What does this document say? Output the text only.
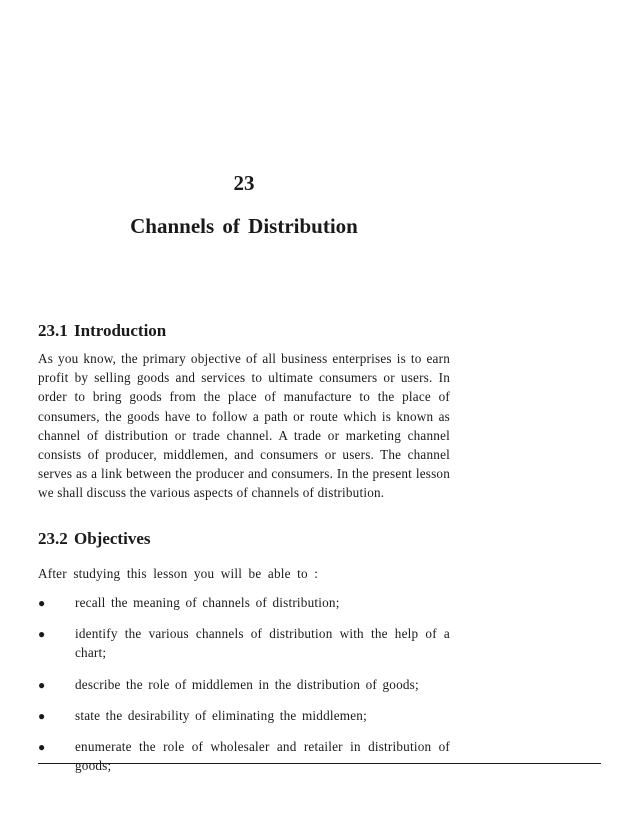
23
Channels of Distribution
23.1 Introduction

As you know, the primary objective of all business enterprises is to earn profit by selling goods and services to ultimate consumers or users. In order to bring goods from the place of manufacture to the place of consumers, the goods have to follow a path or route which is known as channel of distribution or trade channel. A trade or marketing channel consists of producer, middlemen, and consumers or users. The channel serves as a link between the producer and consumers. In the present lesson we shall discuss the various aspects of channels of distribution.

23.2 Objectives
After studying this lesson you will be able to :
● recall the meaning of channels of distribution;
● identify the various channels of distribution with the help of a chart;
● describe the role of middlemen in the distribution of goods;
● state the desirability of eliminating the middlemen;
● enumerate the role of wholesaler and retailer in distribution of goods;
